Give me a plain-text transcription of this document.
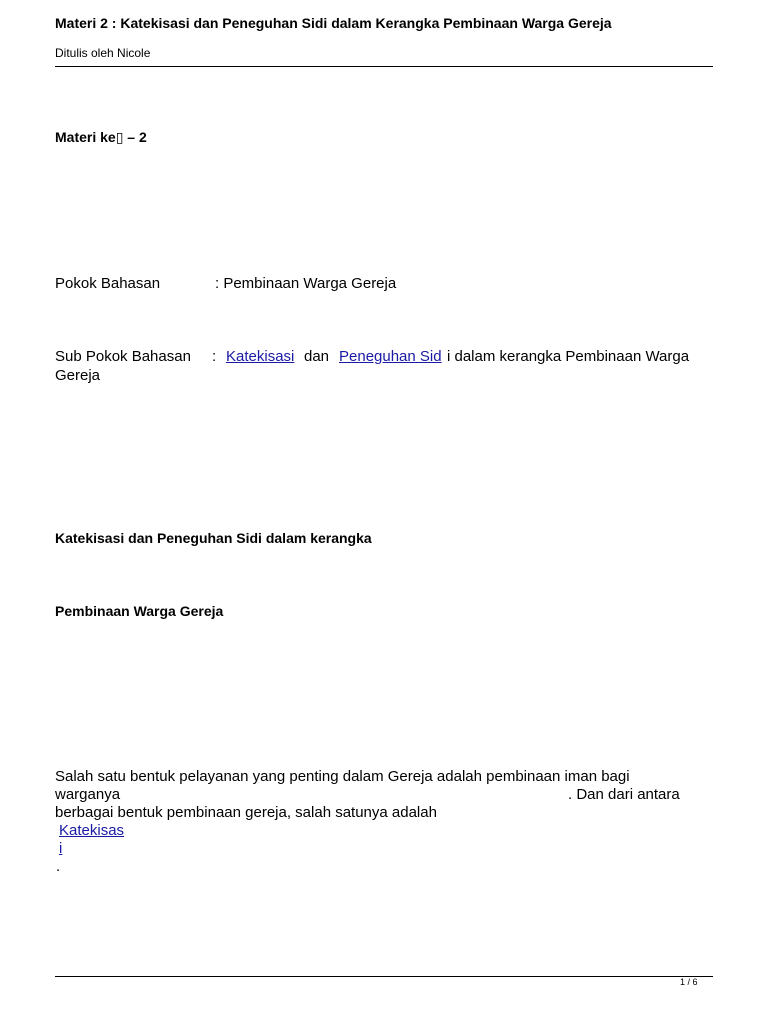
Materi 2 : Katekisasi dan Peneguhan Sidi dalam Kerangka Pembinaan Warga Gereja
Ditulis oleh Nicole
Materi ke▯ – 2
Pokok Bahasan	: Pembinaan Warga Gereja
Sub Pokok Bahasan : Katekisasi dan Peneguhan Sid i dalam kerangka Pembinaan Warga
Gereja
Katekisasi dan Peneguhan Sidi dalam kerangka
Pembinaan Warga Gereja
Salah satu bentuk pelayanan yang penting dalam Gereja adalah pembinaan iman bagi
warganya	. Dan dari antara
berbagai bentuk pembinaan gereja, salah satunya adalah
Katekisas
i
.
1 / 6
